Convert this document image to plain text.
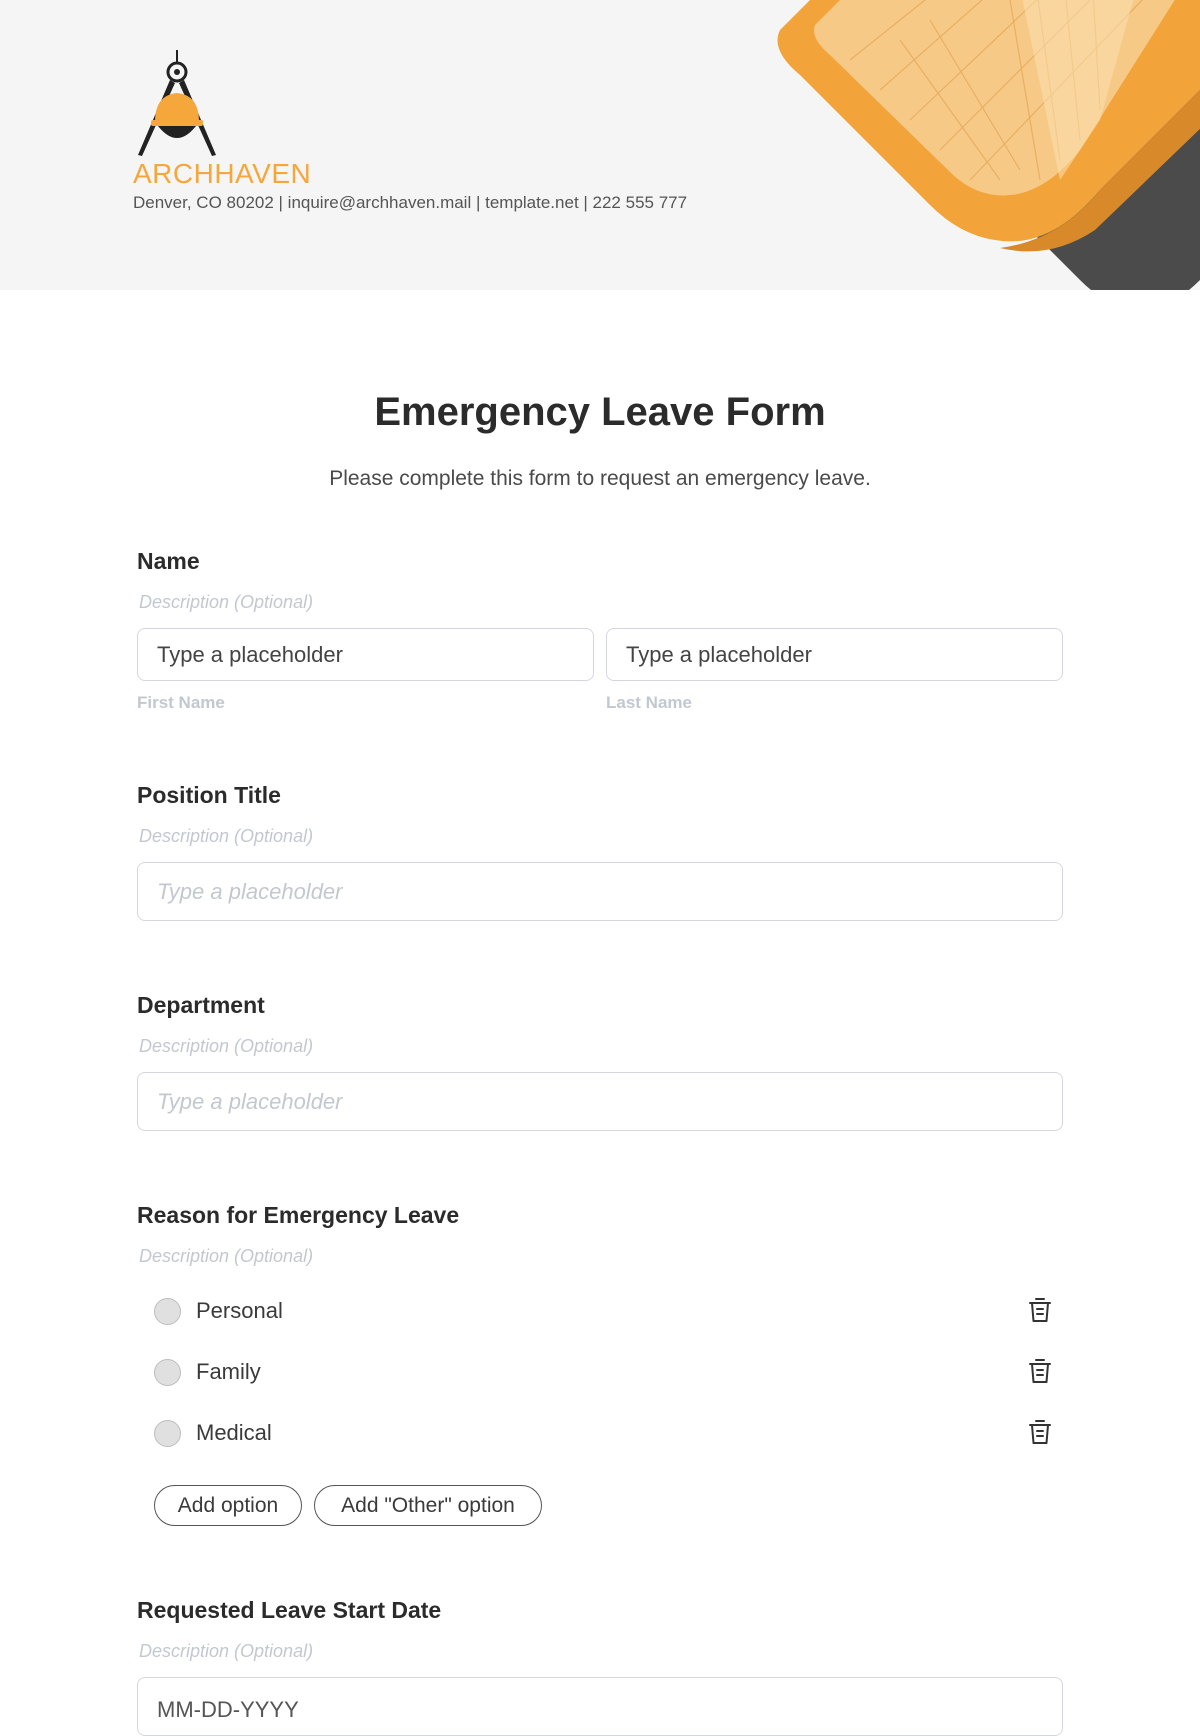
ARCHHAVEN
Denver, CO 80202 | inquire@archhaven.mail | template.net | 222 555 777
Emergency Leave Form
Please complete this form to request an emergency leave.
Name
Description (Optional)
Type a placeholder	Type a placeholder
First Name	Last Name
Position Title
Description (Optional)
Type a placeholder
Department
Description (Optional)
Type a placeholder
Reason for Emergency Leave
Description (Optional)
Personal
Family
Medical
Add option	Add "Other" option
Requested Leave Start Date
Description (Optional)
MM-DD-YYYY
